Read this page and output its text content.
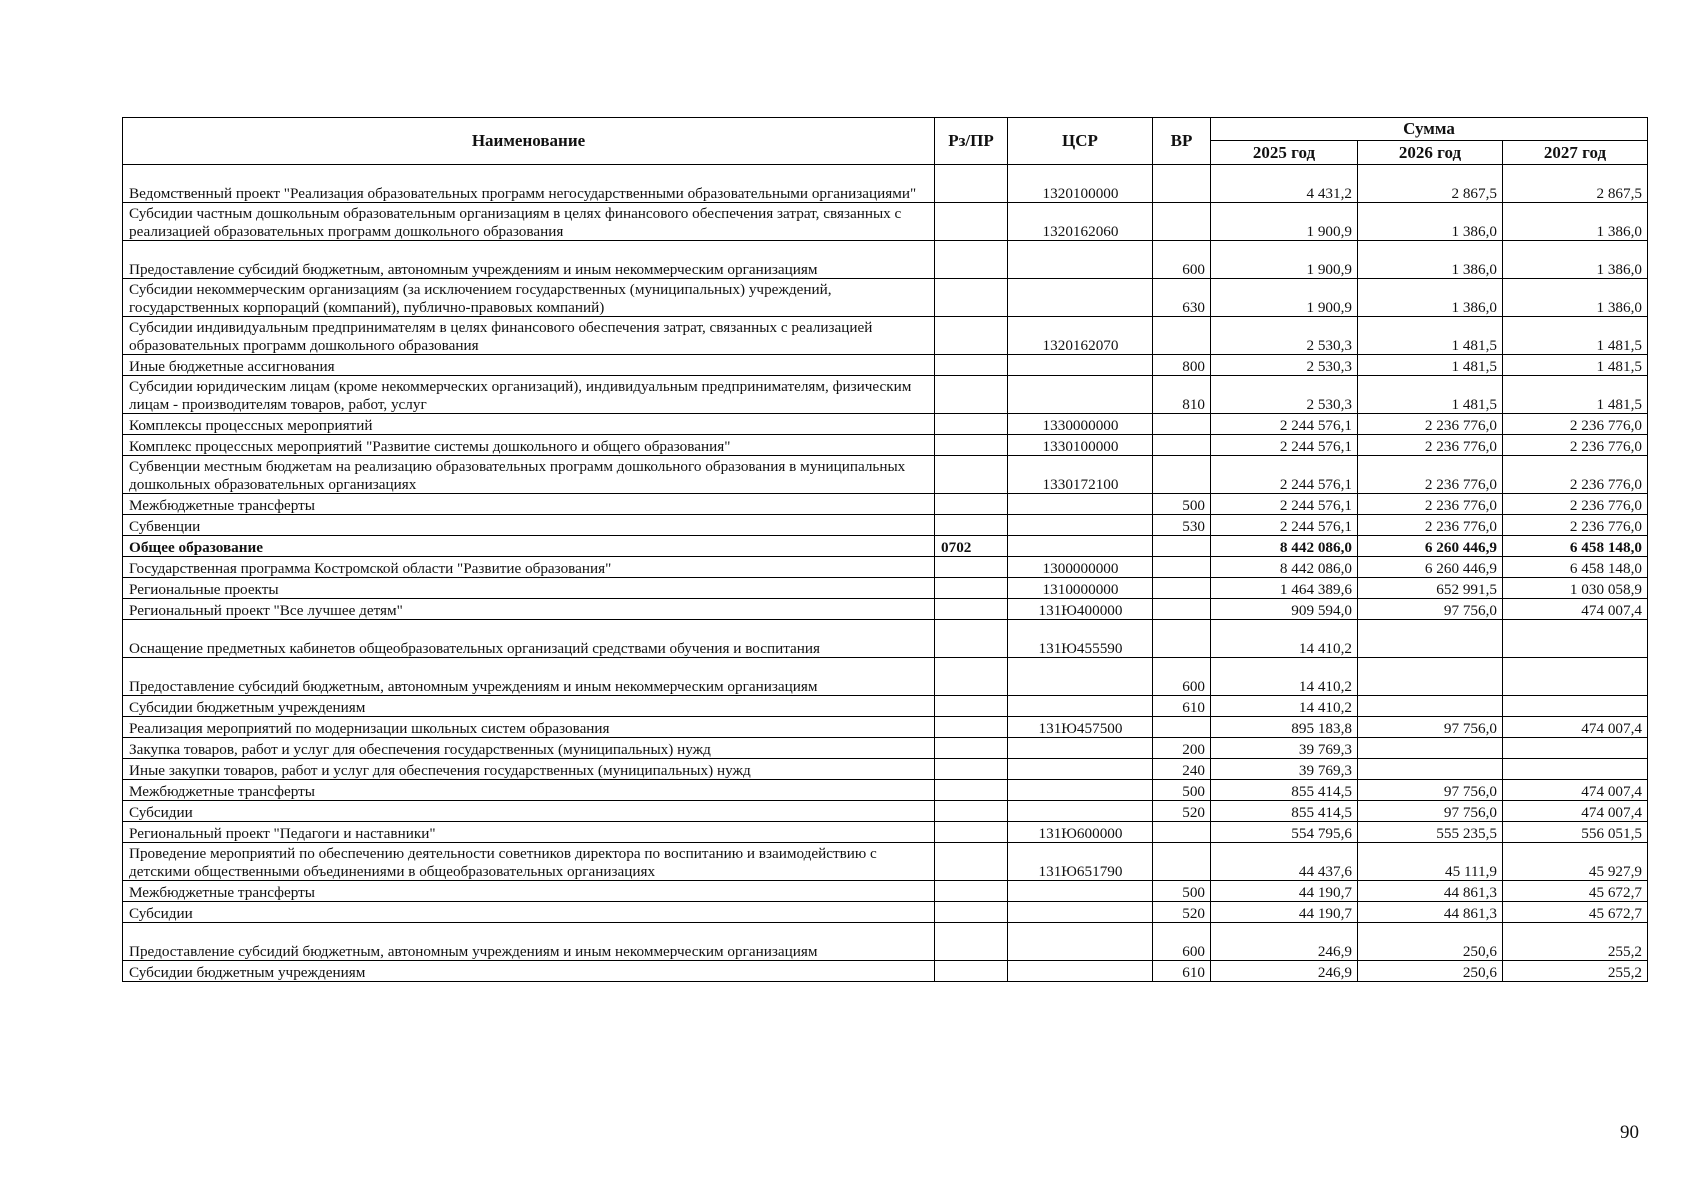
Наименование	Рз/ПР	ЦСР	ВР	Сумма		
				2025 год	2026 год	2027 год
Ведомственный проект "Реализация образовательных программ негосударственными образовательными организациями"		1320100000		4 431,2	2 867,5	2 867,5
Субсидии частным дошкольным образовательным организациям в целях финансового обеспечения затрат, связанных с реализацией образовательных программ дошкольного образования		1320162060		1 900,9	1 386,0	1 386,0
Предоставление субсидий бюджетным, автономным учреждениям и иным некоммерческим организациям			600	1 900,9	1 386,0	1 386,0
Субсидии некоммерческим организациям (за исключением государственных (муниципальных) учреждений, государственных корпораций (компаний), публично-правовых компаний)			630	1 900,9	1 386,0	1 386,0
Субсидии индивидуальным предпринимателям в целях финансового обеспечения затрат, связанных с реализацией образовательных программ дошкольного образования		1320162070		2 530,3	1 481,5	1 481,5
Иные бюджетные ассигнования			800	2 530,3	1 481,5	1 481,5
Субсидии юридическим лицам (кроме некоммерческих организаций), индивидуальным предпринимателям, физическим лицам - производителям товаров, работ, услуг			810	2 530,3	1 481,5	1 481,5
Комплексы процессных мероприятий		1330000000		2 244 576,1	2 236 776,0	2 236 776,0
Комплекс процессных мероприятий "Развитие системы дошкольного и общего образования"		1330100000		2 244 576,1	2 236 776,0	2 236 776,0
Субвенции местным бюджетам на реализацию образовательных программ дошкольного образования в муниципальных дошкольных образовательных организациях		1330172100		2 244 576,1	2 236 776,0	2 236 776,0
Межбюджетные трансферты			500	2 244 576,1	2 236 776,0	2 236 776,0
Субвенции			530	2 244 576,1	2 236 776,0	2 236 776,0
Общее образование	0702			8 442 086,0	6 260 446,9	6 458 148,0
Государственная программа Костромской области "Развитие образования"		1300000000		8 442 086,0	6 260 446,9	6 458 148,0
Региональные проекты		1310000000		1 464 389,6	652 991,5	1 030 058,9
Региональный проект "Все лучшее детям"		131Ю400000		909 594,0	97 756,0	474 007,4
Оснащение предметных кабинетов общеобразовательных организаций средствами обучения и воспитания		131Ю455590		14 410,2		
Предоставление субсидий бюджетным, автономным учреждениям и иным некоммерческим организациям			600	14 410,2		
Субсидии бюджетным учреждениям			610	14 410,2		
Реализация мероприятий по модернизации школьных систем образования		131Ю457500		895 183,8	97 756,0	474 007,4
Закупка товаров, работ и услуг для обеспечения государственных (муниципальных) нужд			200	39 769,3		
Иные закупки товаров, работ и услуг для обеспечения государственных (муниципальных) нужд			240	39 769,3		
Межбюджетные трансферты			500	855 414,5	97 756,0	474 007,4
Субсидии			520	855 414,5	97 756,0	474 007,4
Региональный проект "Педагоги и наставники"		131Ю600000		554 795,6	555 235,5	556 051,5
Проведение мероприятий по обеспечению деятельности советников директора по воспитанию и взаимодействию с детскими общественными объединениями в общеобразовательных организациях		131Ю651790		44 437,6	45 111,9	45 927,9
Межбюджетные трансферты			500	44 190,7	44 861,3	45 672,7
Субсидии			520	44 190,7	44 861,3	45 672,7
Предоставление субсидий бюджетным, автономным учреждениям и иным некоммерческим организациям			600	246,9	250,6	255,2
Субсидии бюджетным учреждениям			610	246,9	250,6	255,2
90
